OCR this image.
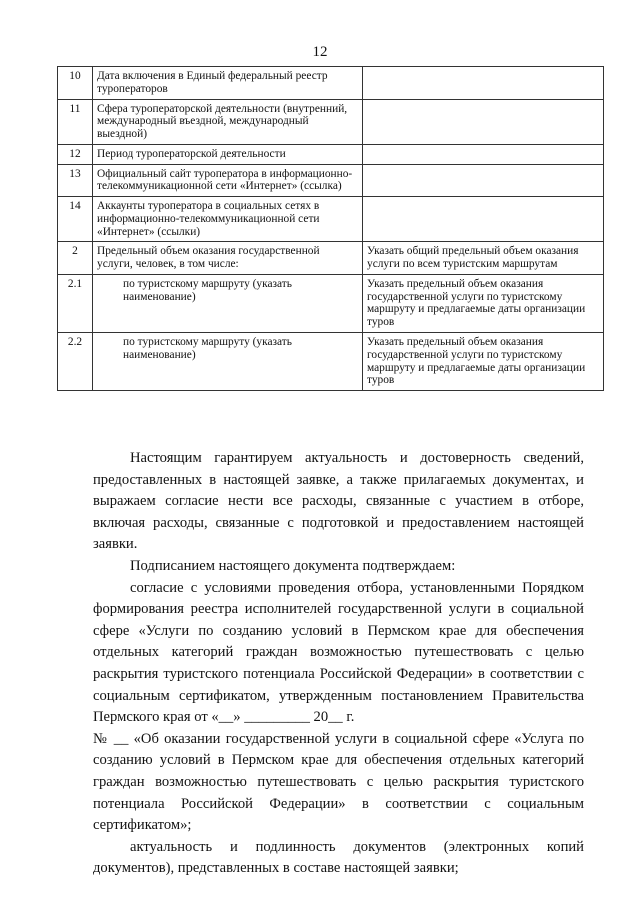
12
10	Дата включения в Единый федеральный реестр туроператоров	
11	Сфера туроператорской деятельности (внутренний, международный въездной, международный выездной)	
12	Период туроператорской деятельности	
13	Официальный сайт туроператора в информационно-телекоммуникационной сети «Интернет» (ссылка)	
14	Аккаунты туроператора в социальных сетях в информационно-телекоммуникационной сети «Интернет» (ссылки)	
2	Предельный объем оказания государственной услуги, человек, в том числе:	Указать общий предельный объем оказания услуги по всем туристским маршрутам
2.1	по туристскому маршруту (указать наименование)	Указать предельный объем оказания государственной услуги по туристскому маршруту и предлагаемые даты организации туров
2.2	по туристскому маршруту (указать наименование)	Указать предельный объем оказания государственной услуги по туристскому маршруту и предлагаемые даты организации туров

Настоящим гарантируем актуальность и достоверность сведений, предоставленных в настоящей заявке, а также прилагаемых документах, и выражаем согласие нести все расходы, связанные с участием в отборе, включая расходы, связанные с подготовкой и предоставлением настоящей заявки.

Подписанием настоящего документа подтверждаем:

согласие с условиями проведения отбора, установленными Порядком формирования реестра исполнителей государственной услуги в социальной сфере «Услуги по созданию условий в Пермском крае для обеспечения отдельных категорий граждан возможностью путешествовать с целью раскрытия туристского потенциала Российской Федерации» в соответствии с социальным сертификатом, утвержденным постановлением Правительства Пермского края от «__» _________ 20__ г.

№ __ «Об оказании государственной услуги в социальной сфере «Услуга по созданию условий в Пермском крае для обеспечения отдельных категорий граждан возможностью путешествовать с целью раскрытия туристского потенциала Российской Федерации» в соответствии с социальным сертификатом»;

актуальность и подлинность документов (электронных копий документов), представленных в составе настоящей заявки;
